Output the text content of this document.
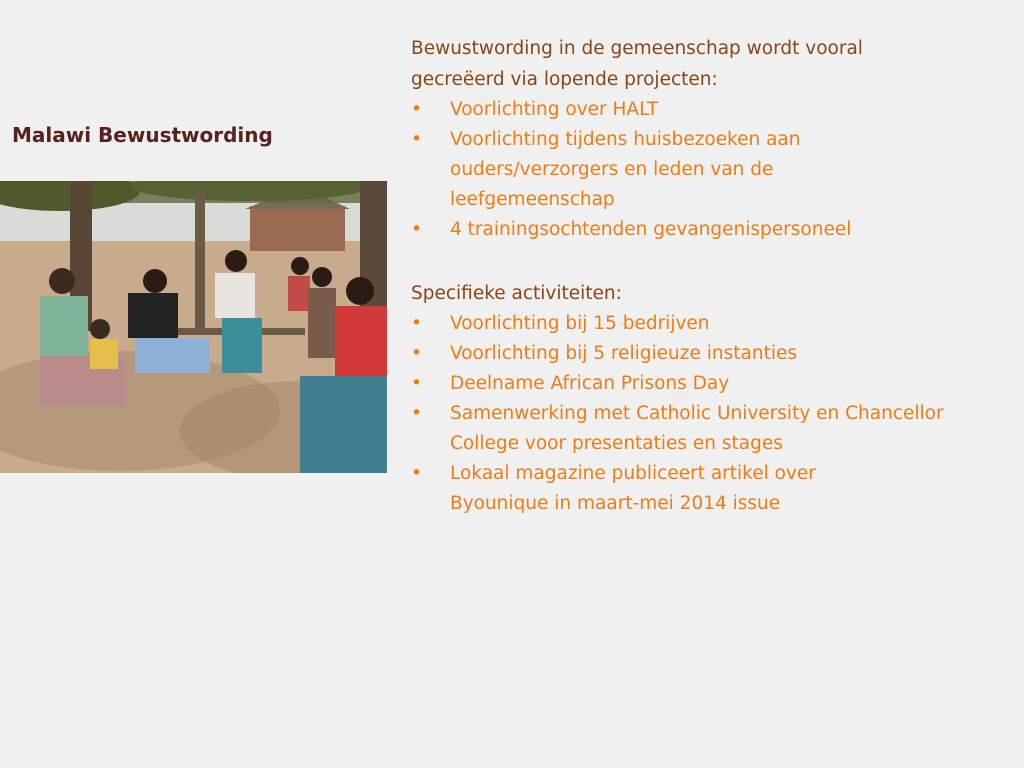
Malawi Bewustwording

Bewustwording in de gemeenschap wordt vooral

gecreëerd via lopende projecten:

• Voorlichting over HALT
• Voorlichting tijdens huisbezoeken aan ouders/verzorgers en leden van de leefgemeenschap
• 4 trainingsochtenden gevangenispersoneel

Specifieke activiteiten:

• Voorlichting bij 15 bedrijven
• Voorlichting bij 5 religieuze instanties
• Deelname African Prisons Day
• Samenwerking met Catholic University en Chancellor College voor presentaties en stages
• Lokaal magazine publiceert artikel over Byounique in maart-mei 2014 issue
